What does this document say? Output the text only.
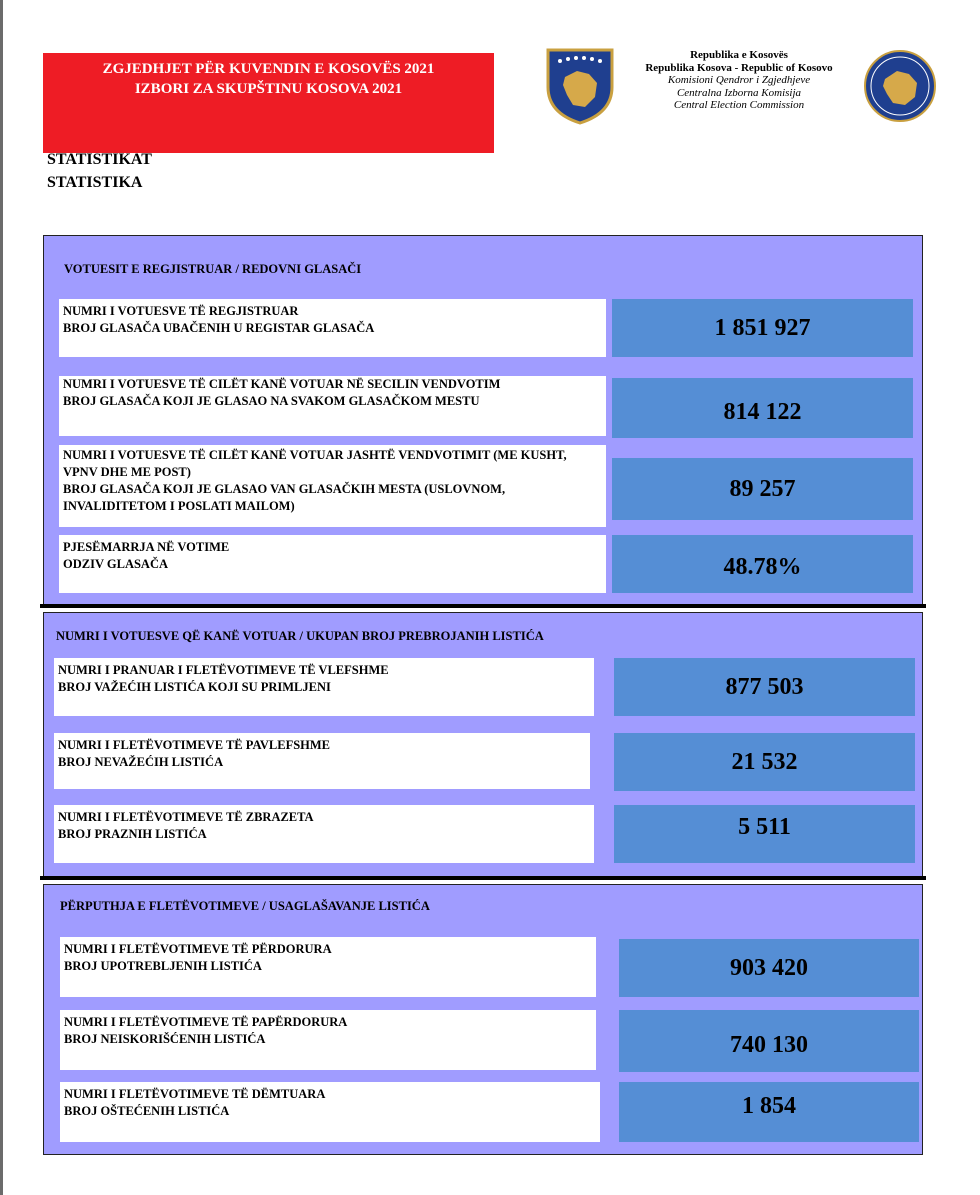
ZGJEDHJET PËR KUVENDIN E KOSOVËS 2021
IZBORI ZA SKUPŠTINU KOSOVA 2021
STATISTIKAT
STATISTIKA
Republika e Kosovës
Republika Kosova - Republic of Kosovo
Komisioni Qendror i Zgjedhjeve
Centralna Izborna Komisija
Central Election Commission
VOTUESIT E REGJISTRUAR / REDOVNI GLASAČI
NUMRI I VOTUESVE TË REGJISTRUAR
BROJ GLASAČA UBAČENIH U REGISTAR GLASAČA	1 851 927
NUMRI I VOTUESVE TË CILËT KANË VOTUAR NË SECILIN VENDVOTIM
BROJ GLASAČA KOJI JE GLASAO NA SVAKOM GLASAČKOM MESTU	814 122
NUMRI I VOTUESVE TË CILËT KANË VOTUAR JASHTË VENDVOTIMIT (ME KUSHT, VPNV DHE ME POST)
BROJ GLASAČA KOJI JE GLASAO VAN GLASAČKIH MESTA (USLOVNOM, INVALIDITETOM I POSLATI MAILOM)
89 257
PJESËMARRJA NË VOTIME
ODZIV GLASAČA	48.78%
NUMRI I VOTUESVE QË KANË VOTUAR / UKUPAN BROJ PREBROJANIH LISTIĆA
NUMRI I PRANUAR I FLETËVOTIMEVE TË VLEFSHME
BROJ VAŽEĆIH LISTIĆA KOJI SU PRIMLJENI	877 503
NUMRI I FLETËVOTIMEVE TË PAVLEFSHME
BROJ NEVAŽEĆIH LISTIĆA	21 532
NUMRI I FLETËVOTIMEVE TË ZBRAZETA
BROJ PRAZNIH LISTIĆA	5 511
PËRPUTHJA E FLETËVOTIMEVE / USAGLAŠAVANJE LISTIĆA
NUMRI I FLETËVOTIMEVE TË PËRDORURA
BROJ UPOTREBLJENIH LISTIĆA	903 420
NUMRI I FLETËVOTIMEVE TË PAPËRDORURA
BROJ NEISKORIŠĆENIH LISTIĆA	740 130
NUMRI I FLETËVOTIMEVE TË DËMTUARA
BROJ OŠTEĆENIH LISTIĆA	1 854
